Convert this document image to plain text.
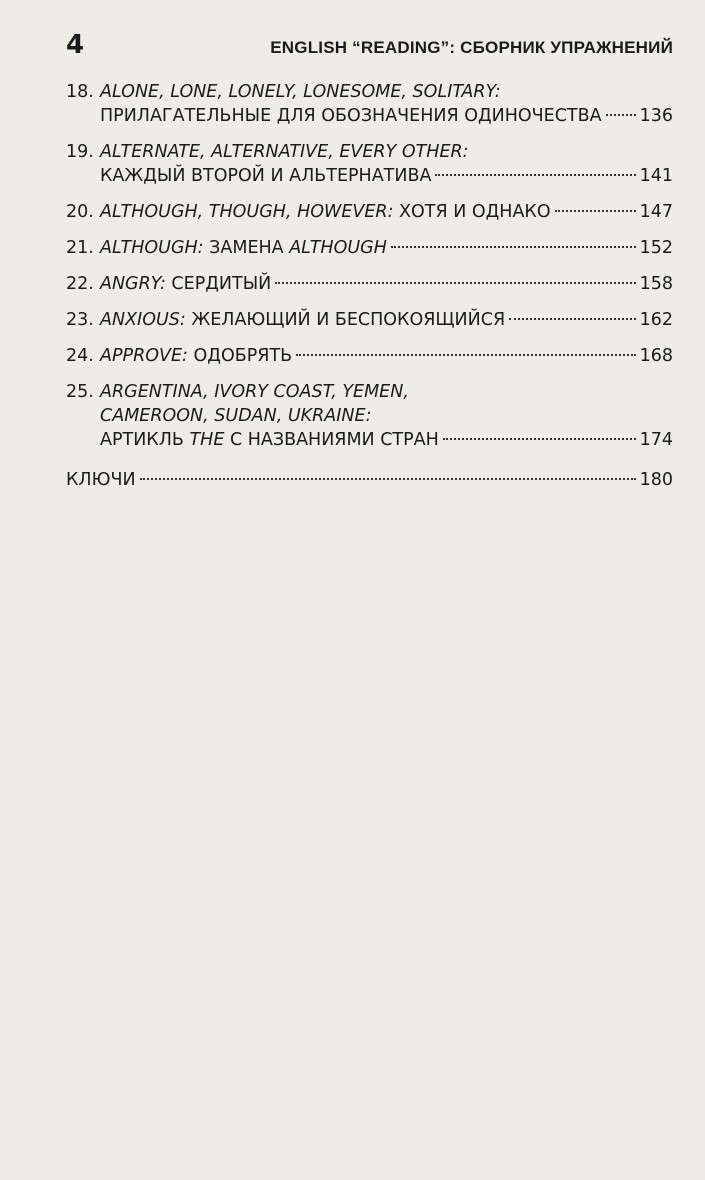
4	ENGLISH “READING”: СБОРНИК УПРАЖНЕНИЙ

18. ALONE, LONE, LONELY, LONESOME, SOLITARY:
ПРИЛАГАТЕЛЬНЫЕ ДЛЯ ОБОЗНАЧЕНИЯ ОДИНОЧЕСТВА 136
19. ALTERNATE, ALTERNATIVE, EVERY OTHER:
КАЖДЫЙ ВТОРОЙ И АЛЬТЕРНАТИВА	141
20. ALTHOUGH, THOUGH, HOWEVER: ХОТЯ И ОДНАКО	147
21. ALTHOUGH: ЗАМЕНА ALTHOUGH	152
22. ANGRY: СЕРДИТЫЙ	158
23. ANXIOUS: ЖЕЛАЮЩИЙ И БЕСПОКОЯЩИЙСЯ	162
24. APPROVE: ОДОБРЯТЬ	168
25. ARGENTINA, IVORY COAST, YEMEN,
CAMEROON, SUDAN, UKRAINE:
АРТИКЛЬ THE С НАЗВАНИЯМИ СТРАН	174
КЛЮЧИ	180
